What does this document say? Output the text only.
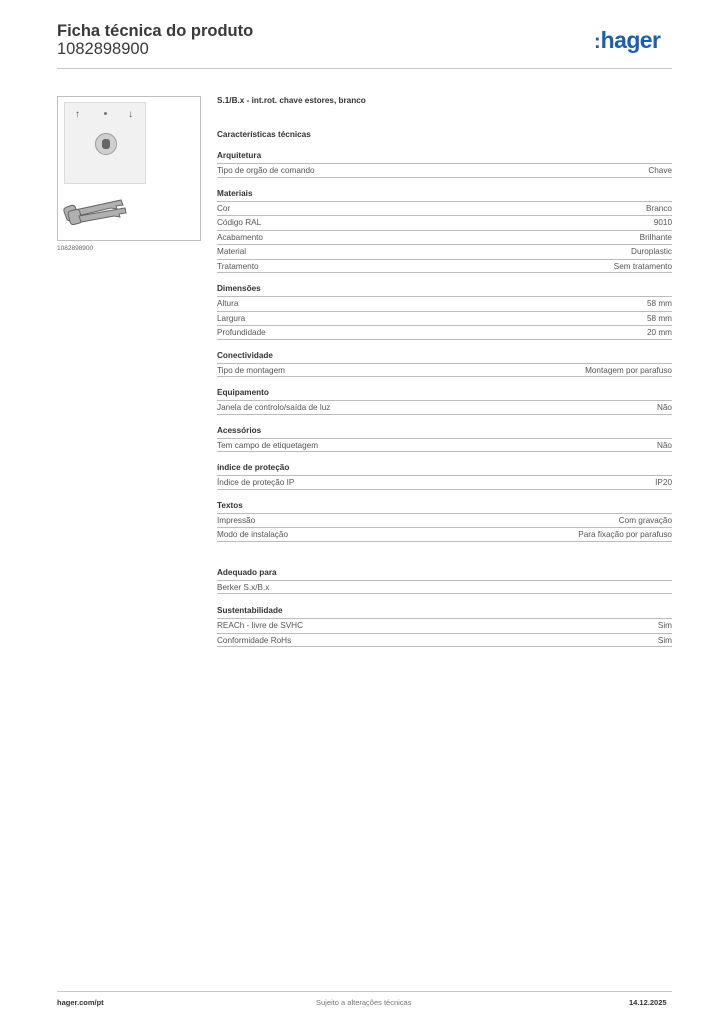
Ficha técnica do produto
1082898900	:hager
↑	↓
1082898900
S.1/B.x - int.rot. chave estores, branco
Características técnicas
Arquitetura
Tipo de orgão de comando	Chave
Materiais
Cor	Branco
Código RAL	9010
Acabamento	Brilhante
Material	Duroplastic
Tratamento	Sem tratamento
Dimensões
Altura	58 mm
Largura	58 mm
Profundidade	20 mm
Conectividade
Tipo de montagem	Montagem por parafuso
Equipamento
Janela de controlo/saída de luz	Não
Acessórios
Tem campo de etiquetagem	Não
índice de proteção
Índice de proteção IP	IP20
Textos
Impressão	Com gravação
Modo de instalação	Para fixação por parafuso
Adequado para
Berker S.x/B.x
Sustentabilidade
REACh - livre de SVHC	Sim
Conformidade RoHs	Sim
hager.com/pt	Sujeito a alterações técnicas	14.12.2025
